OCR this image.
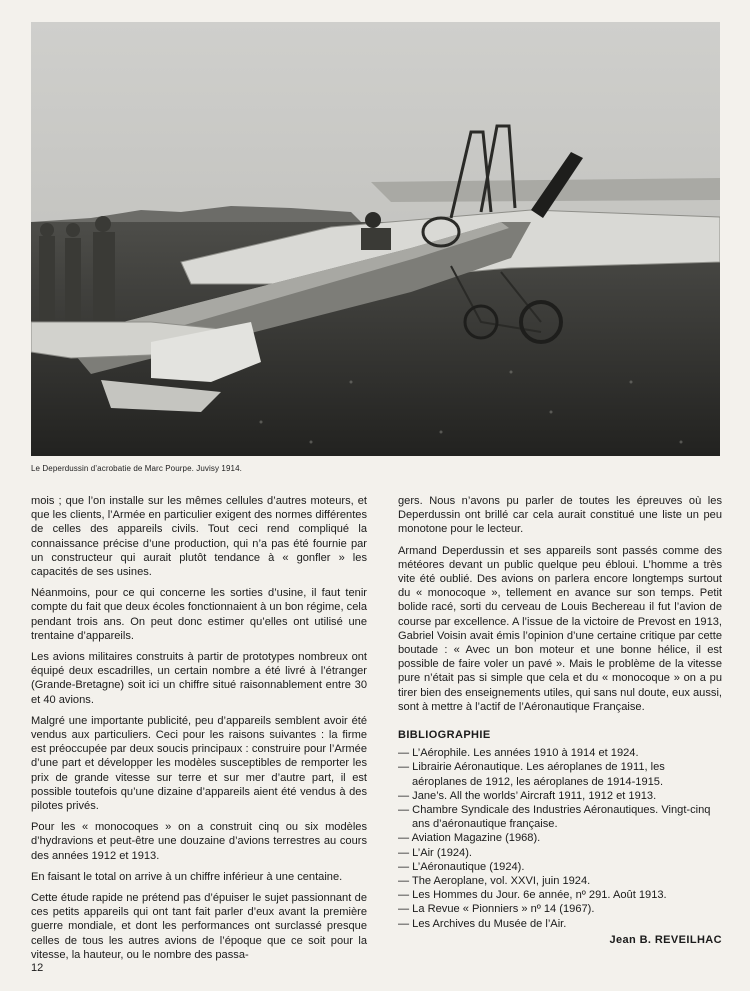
Le Deperdussin d’acrobatie de Marc Pourpe. Juvisy 1914.

mois ; que l’on installe sur les mêmes cellules d’autres moteurs, et que les clients, l’Armée en particulier exigent des normes différentes de celles des appareils civils. Tout ceci rend compliqué la connaissance précise d’une production, qui n’a pas été fournie par un constructeur qui aurait plutôt tendance à « gonfler » les capacités de ses usines.

Néanmoins, pour ce qui concerne les sorties d’usine, il faut tenir compte du fait que deux écoles fonctionnaient à un bon régime, cela pendant trois ans. On peut donc estimer qu’elles ont utilisé une trentaine d’appareils.

Les avions militaires construits à partir de prototypes nombreux ont équipé deux escadrilles, un certain nombre a été livré à l’étranger (Grande-Bretagne) soit ici un chiffre situé raisonnablement entre 30 et 40 avions.

Malgré une importante publicité, peu d’appareils semblent avoir été vendus aux particuliers. Ceci pour les raisons suivantes : la firme est préoccupée par deux soucis principaux : construire pour l’Armée d’une part et développer les modèles susceptibles de remporter les prix de grande vitesse sur terre et sur mer d’autre part, il est possible toutefois qu’une dizaine d’appareils aient été vendus à des pilotes privés.

Pour les « monocoques » on a construit cinq ou six modèles d’hydravions et peut-être une douzaine d’avions terrestres au cours des années 1912 et 1913.

En faisant le total on arrive à un chiffre inférieur à une centaine.

Cette étude rapide ne prétend pas d’épuiser le sujet passionnant de ces petits appareils qui ont tant fait parler d’eux avant la première guerre mondiale, et dont les performances ont surclassé presque celles de tous les autres avions de l’époque que ce soit pour la vitesse, la hauteur, ou le nombre des passa-

gers. Nous n’avons pu parler de toutes les épreuves où les Deperdussin ont brillé car cela aurait constitué une liste un peu monotone pour le lecteur.

Armand Deperdussin et ses appareils sont passés comme des météores devant un public quelque peu ébloui. L’homme a très vite été oublié. Des avions on parlera encore longtemps surtout du « monocoque », tellement en avance sur son temps. Petit bolide racé, sorti du cerveau de Louis Bechereau il fut l’avion de course par excellence. A l’issue de la victoire de Prevost en 1913, Gabriel Voisin avait émis l’opinion d’une certaine critique par cette boutade : « Avec un bon moteur et une bonne hélice, il est possible de faire voler un pavé ». Mais le problème de la vitesse pure n’était pas si simple que cela et du « monocoque » on a pu tirer bien des enseignements utiles, qui sans nul doute, eux aussi, sont à mettre à l’actif de l’Aéronautique Française.

BIBLIOGRAPHIE
— L’Aérophile. Les années 1910 à 1914 et 1924.
— Librairie Aéronautique. Les aéroplanes de 1911, les aéroplanes de 1912, les aéroplanes de 1914-1915.
— Jane’s. All the worlds’ Aircraft 1911, 1912 et 1913.
— Chambre Syndicale des Industries Aéronautiques. Vingt-cinq ans d’aéronautique française.
— Aviation Magazine (1968).
— L’Air (1924).
— L’Aéronautique (1924).
— The Aeroplane, vol. XXVI, juin 1924.
— Les Hommes du Jour. 6e année, nº 291. Août 1913.
— La Revue « Pionniers » nº 14 (1967).
— Les Archives du Musée de l’Air.
Jean B. REVEILHAC
12
